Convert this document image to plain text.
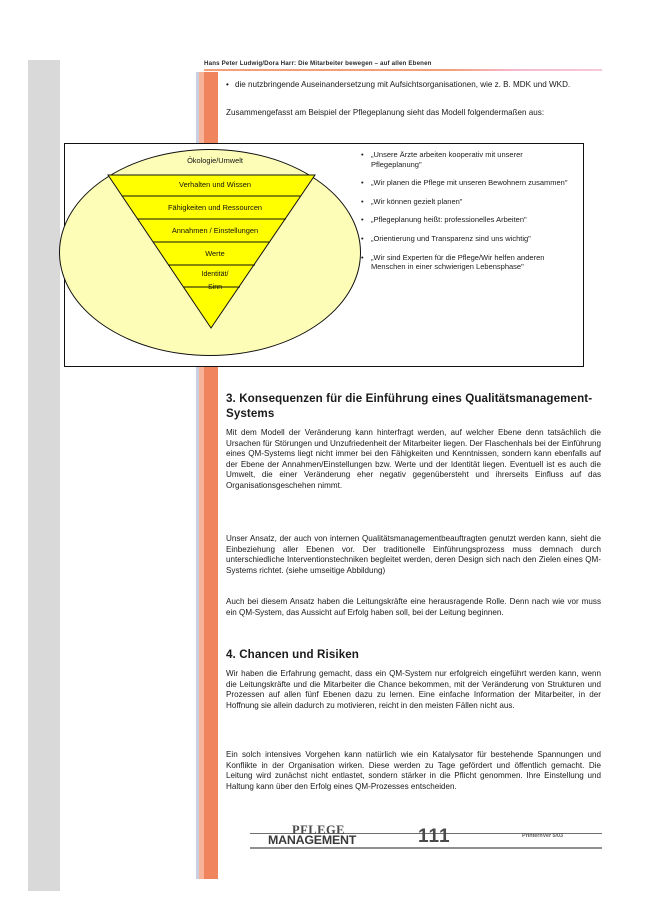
Hans Peter Ludwig/Dora Harr: Die Mitarbeiter bewegen – auf allen Ebenen
• die nutzbringende Auseinandersetzung mit Aufsichtsorganisationen, wie z. B. MDK und WKD.
Zusammengefasst am Beispiel der Pflegeplanung sieht das Modell folgendermaßen aus:
Ökologie/Umwelt
Verhalten und Wissen
Fähigkeiten und Ressourcen
Annahmen / Einstellungen
Werte
Identität/
Sinn
• „Unsere Ärzte arbeiten kooperativ mit unserer Pflegeplanung"
• „Wir planen die Pflege mit unseren Bewohnern zusammen"
• „Wir können gezielt planen"
• „Pflegeplanung heißt: professionelles Arbeiten"
• „Orientierung und Transparenz sind uns wichtig"
• „Wir sind Experten für die Pflege/Wir helfen anderen Menschen in einer schwierigen Lebensphase"
3. Konsequenzen für die Einführung eines Qualitätsmanagement-Systems
Mit dem Modell der Veränderung kann hinterfragt werden, auf welcher Ebene denn tatsächlich die Ursachen für Störungen und Unzufriedenheit der Mitarbeiter liegen. Der Flaschenhals bei der Einführung eines QM-Systems liegt nicht immer bei den Fähigkeiten und Kenntnissen, sondern kann ebenfalls auf der Ebene der Annahmen/Einstellungen bzw. Werte und der Identität liegen. Eventuell ist es auch die Umwelt, die einer Veränderung eher negativ gegenübersteht und ihrerseits Einfluss auf das Organisationsgeschehen nimmt.
Unser Ansatz, der auch von internen Qualitätsmanagementbeauftragten genutzt werden kann, sieht die Einbeziehung aller Ebenen vor. Der traditionelle Einführungsprozess muss demnach durch unterschiedliche Interventionstechniken begleitet werden, deren Design sich nach den Zielen eines QM-Systems richtet. (siehe umseitige Abbildung)
Auch bei diesem Ansatz haben die Leitungskräfte eine herausragende Rolle. Denn nach wie vor muss ein QM-System, das Aussicht auf Erfolg haben soll, bei der Leitung beginnen.
4. Chancen und Risiken
Wir haben die Erfahrung gemacht, dass ein QM-System nur erfolgreich eingeführt werden kann, wenn die Leitungskräfte und die Mitarbeiter die Chance bekommen, mit der Veränderung von Strukturen und Prozessen auf allen fünf Ebenen dazu zu lernen. Eine einfache Information der Mitarbeiter, in der Hoffnung sie allein dadurch zu motivieren, reicht in den meisten Fällen nicht aus.
Ein solch intensives Vorgehen kann natürlich wie ein Katalysator für bestehende Spannungen und Konflikte in der Organisation wirken. Diese werden zu Tage gefördert und öffentlich gemacht. Die Leitung wird zunächst nicht entlastet, sondern stärker in die Pflicht genommen. Ihre Einstellung und Haltung kann über den Erfolg eines QM-Prozesses entscheiden.
PFLEGE
MANAGEMENT	111	PrInternVer 5/03
